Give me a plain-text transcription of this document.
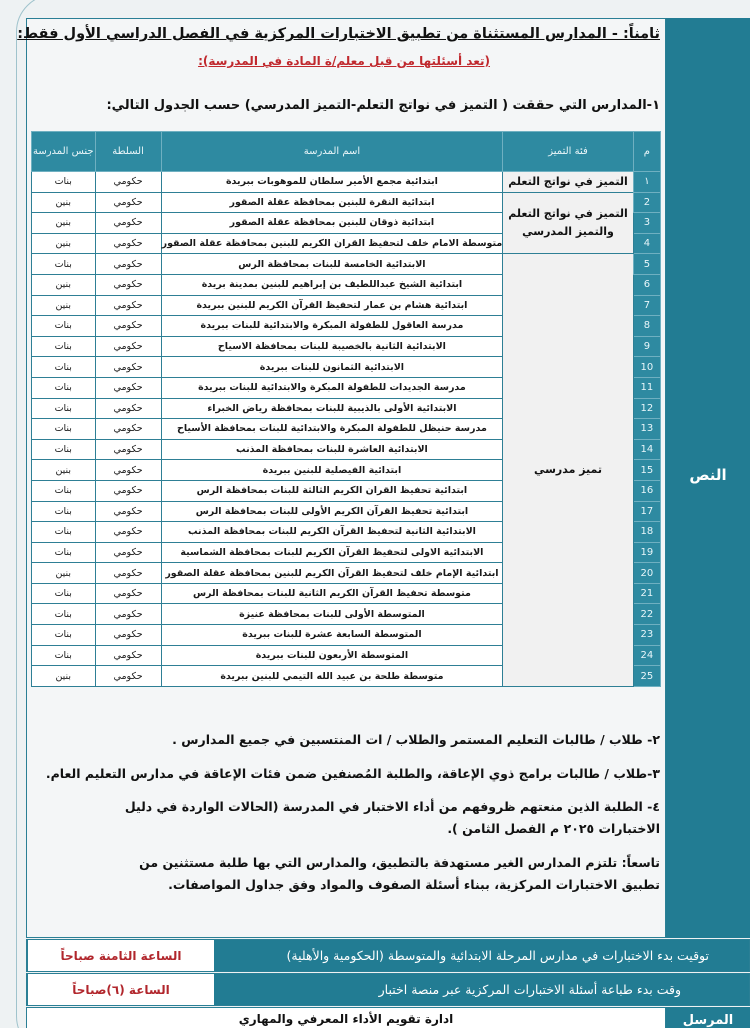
النص
ثامناً: - المدارس المستثناة من تطبيق الاختبارات المركزية في الفصل الدراسي الأول فقط:
(تعد أسئلتها من قبل معلم/ة المادة في المدرسة):
١-المدارس التي حققت ( التميز في نواتج التعلم-التميز المدرسي) حسب الجدول التالي:
م	فئة التميز	اسم المدرسة	السلطة	جنس المدرسة
١	التميز في نواتج التعلم	ابتدائية مجمع الأمير سلطان للموهوبات ببريدة	حكومي	بنات
2	التميز في نواتج التعلم والتميز المدرسي	ابتدائية النقرة للبنين بمحافظة عقلة الصقور	حكومي	بنين
3		ابتدائية ذوقان للبنين بمحافظة عقلة الصقور	حكومي	بنين
4		متوسطة الامام خلف لتحفيظ القران الكريم للبنين بمحافظة عقلة الصقور	حكومي	بنين
5	تميز مدرسي	الابتدائية الخامسة للبنات بمحافظة الرس	حكومي	بنات
6		ابتدائية الشيخ عبداللطيف بن إبراهيم للبنين بمدينة بريدة	حكومي	بنين
7		ابتدائية هشام بن عمار لتحفيظ القرآن الكريم للبنين ببريدة	حكومي	بنين
8		مدرسة العاقول للطفولة المبكرة والابتدائية للبنات ببريدة	حكومي	بنات
9		الابتدائية الثانية بالخصيبة للبنات بمحافظة الاسياح	حكومي	بنات
10		الابتدائية الثمانون للبنات ببريدة	حكومي	بنات
11		مدرسة الجديدات للطفولة المبكرة والابتدائية للبنات ببريدة	حكومي	بنات
12		الابتدائية الأولى بالذيبية للبنات بمحافظة رياض الخبراء	حكومي	بنات
13		مدرسة حنيظل للطفولة المبكرة والابتدائية للبنات بمحافظة الأسياح	حكومي	بنات
14		الابتدائية العاشرة للبنات بمحافظة المذنب	حكومي	بنات
15		ابتدائية الفيصلية للبنين ببريدة	حكومي	بنين
16		ابتدائية تحفيظ القران الكريم الثالثة للبنات بمحافظة الرس	حكومي	بنات
17		ابتدائية تحفيظ القرآن الكريم الأولى للبنات بمحافظة الرس	حكومي	بنات
18		الابتدائية الثانية لتحفيظ القرآن الكريم للبنات بمحافظة المذنب	حكومي	بنات
19		الابتدائية الاولى لتحفيظ القرآن الكريم للبنات بمحافظة الشماسية	حكومي	بنات
20		ابتدائية الإمام خلف لتحفيظ القرآن الكريم للبنين بمحافظة عقلة الصقور	حكومي	بنين
21		متوسطة تحفيظ القرآن الكريم الثانية للبنات بمحافظة الرس	حكومي	بنات
22		المتوسطة الأولى للبنات بمحافظة عنيزة	حكومي	بنات
23		المتوسطة السابعة عشرة للبنات ببريدة	حكومي	بنات
24		المتوسطة الأربعون للبنات ببريدة	حكومي	بنات
25		متوسطة طلحة بن عبيد الله التيمي للبنين ببريدة	حكومي	بنين
٢- طلاب / طالبات التعليم المستمر والطلاب / ات المنتسبين في جميع المدارس .
٣-طلاب / طالبات برامج ذوي الإعاقة، والطلبة المُصنفين ضمن فئات الإعاقة في مدارس التعليم العام.
٤- الطلبة الذين منعتهم ظروفهم من أداء الاختبار في المدرسة (الحالات الواردة في دليل الاختبارات ٢٠٢٥ م الفصل الثامن ).
تاسعاً: تلتزم المدارس الغير مستهدفة بالتطبيق، والمدارس التي بها طلبة مستثنين من تطبيق الاختبارات المركزية، ببناء أسئلة الصفوف والمواد وفق جداول المواصفات.
توقيت بدء الاختبارات في مدارس المرحلة الابتدائية والمتوسطة (الحكومية والأهلية)
الساعة الثامنة صباحاً
وقت بدء طباعة أسئلة الاختبارات المركزية عبر منصة اختبار
الساعة (٦)صباحاً
المرسل
ادارة تقويم الأداء المعرفي والمهاري
